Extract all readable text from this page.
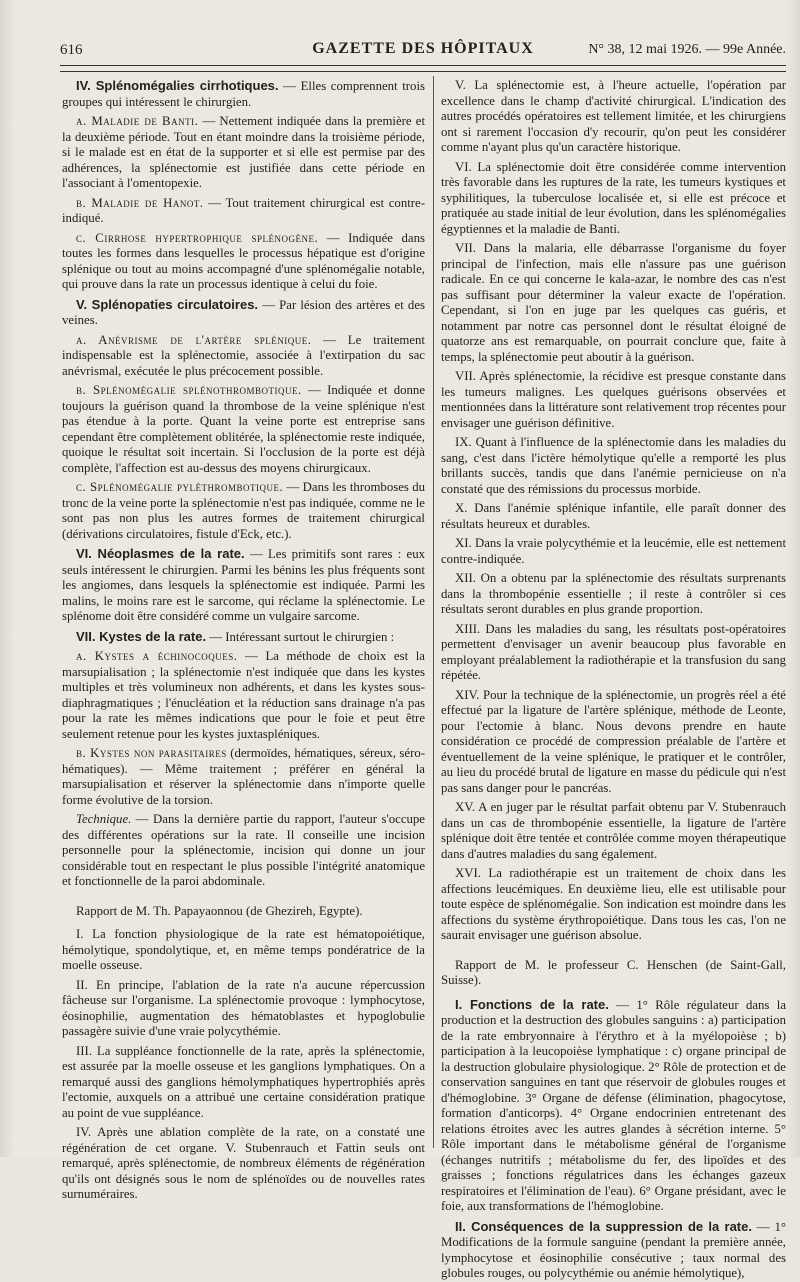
616	GAZETTE DES HÔPITAUX	N° 38, 12 mai 1926. — 99e Année.

IV. Splénomégalies cirrhotiques. — Elles comprennent trois groupes qui intéressent le chirurgien.

a. Maladie de Banti. — Nettement indiquée dans la première et la deuxième période. Tout en étant moindre dans la troisième période, si le malade est en état de la supporter et si elle est permise par des adhérences, la splénectomie est justifiée dans cette période en l'associant à l'omentopexie.

b. Maladie de Hanot. — Tout traitement chirurgical est contre-indiqué.

c. Cirrhose hypertrophique splénogène. — Indiquée dans toutes les formes dans lesquelles le processus hépatique est d'origine splénique ou tout au moins accompagné d'une splénomégalie notable, qui prouve dans la rate un processus identique à celui du foie.

V. Splénopaties circulatoires. — Par lésion des artères et des veines.

a. Anévrisme de l'artère splénique. — Le traitement indispensable est la splénectomie, associée à l'extirpation du sac anévrismal, exécutée le plus précocement possible.

b. Splénomégalie splénothrombotique. — Indiquée et donne toujours la guérison quand la thrombose de la veine splénique n'est pas étendue à la porte. Quant la veine porte est entreprise sans cependant être complètement oblitérée, la splénectomie reste indiquée, quoique le résultat soit incertain. Si l'occlusion de la porte est déjà complète, l'affection est au-dessus des moyens chirurgicaux.

c. Splénomégalie pyléthrombotique. — Dans les thromboses du tronc de la veine porte la splénectomie n'est pas indiquée, comme ne le sont pas non plus les autres formes de traitement chirurgical (dérivations circulatoires, fistule d'Eck, etc.).

VI. Néoplasmes de la rate. — Les primitifs sont rares : eux seuls intéressent le chirurgien. Parmi les bénins les plus fréquents sont les angiomes, dans lesquels la splénectomie est indiquée. Parmi les malins, le moins rare est le sarcome, qui réclame la splénectomie. Le splénome doit être considéré comme un vulgaire sarcome.

VII. Kystes de la rate. — Intéressant surtout le chirurgien :

a. Kystes a échinocoques. — La méthode de choix est la marsupialisation ; la splénectomie n'est indiquée que dans les kystes multiples et très volumineux non adhérents, et dans les kystes sous-diaphragmatiques ; l'énucléation et la réduction sans drainage n'a pas pour la rate les mêmes indications que pour le foie et peut être seulement retenue pour les kystes juxtaspléniques.

b. Kystes non parasitaires (dermoïdes, hématiques, séreux, séro-hématiques). — Même traitement ; préférer en général la marsupialisation et réserver la splénectomie dans n'importe quelle forme évolutive de la torsion.

Technique. — Dans la dernière partie du rapport, l'auteur s'occupe des différentes opérations sur la rate. Il conseille une incision personnelle pour la splénectomie, incision qui donne un jour considérable tout en respectant le plus possible l'intégrité anatomique et fonctionnelle de la paroi abdominale.

Rapport de M. Th. Papayaonnou (de Ghezireh, Egypte).

I. La fonction physiologique de la rate est hématopoiétique, hémolytique, spondolytique, et, en même temps pondératrice de la moelle osseuse.

II. En principe, l'ablation de la rate n'a aucune répercussion fâcheuse sur l'organisme. La splénectomie provoque : lymphocytose, éosinophilie, augmentation des hématoblastes et hypoglobulie passagère suivie d'une vraie polycythémie.

III. La suppléance fonctionnelle de la rate, après la splénectomie, est assurée par la moelle osseuse et les ganglions lymphatiques. On a remarqué aussi des ganglions hémolymphatiques hypertrophiés après l'ectomie, auxquels on a attribué une certaine considération pratique au point de vue suppléance.

IV. Après une ablation complète de la rate, on a constaté une régénération de cet organe. V. Stubenrauch et Fattin seuls ont remarqué, après splénectomie, de nombreux éléments de régénération qu'ils ont désignés sous le nom de splénoïdes ou de nouvelles rates surnuméraires.

V. La splénectomie est, à l'heure actuelle, l'opération par excellence dans le champ d'activité chirurgical. L'indication des autres procédés opératoires est tellement limitée, et les chirurgiens ont si rarement l'occasion d'y recourir, qu'on peut les considérer comme n'ayant plus qu'un caractère historique.

VI. La splénectomie doit être considérée comme intervention très favorable dans les ruptures de la rate, les tumeurs kystiques et syphilitiques, la tuberculose localisée et, si elle est précoce et pratiquée au stade initial de leur évolution, dans les splénomégalies égyptiennes et la maladie de Banti.

VII. Dans la malaria, elle débarrasse l'organisme du foyer principal de l'infection, mais elle n'assure pas une guérison radicale. En ce qui concerne le kala-azar, le nombre des cas n'est pas suffisant pour déterminer la valeur exacte de l'opération. Cependant, si l'on en juge par les quelques cas guéris, et notamment par notre cas personnel dont le résultat éloigné de quatorze ans est remarquable, on pourrait conclure que, faite à temps, la splénectomie peut aboutir à la guérison.

VII. Après splénectomie, la récidive est presque constante dans les tumeurs malignes. Les quelques guérisons observées et mentionnées dans la littérature sont relativement trop récentes pour envisager une guérison définitive.

IX. Quant à l'influence de la splénectomie dans les maladies du sang, c'est dans l'ictère hémolytique qu'elle a remporté les plus brillants succès, tandis que dans l'anémie pernicieuse on n'a constaté que des rémissions du processus morbide.

X. Dans l'anémie splénique infantile, elle paraît donner des résultats heureux et durables.

XI. Dans la vraie polycythémie et la leucémie, elle est nettement contre-indiquée.

XII. On a obtenu par la splénectomie des résultats surprenants dans la thrombopénie essentielle ; il reste à contrôler si ces résultats seront durables en plus grande proportion.

XIII. Dans les maladies du sang, les résultats post-opératoires permettent d'envisager un avenir beaucoup plus favorable en employant préalablement la radiothérapie et la transfusion du sang répétée.

XIV. Pour la technique de la splénectomie, un progrès réel a été effectué par la ligature de l'artère splénique, méthode de Leonte, pour l'ectomie à blanc. Nous devons prendre en haute considération ce procédé de compression préalable de l'artère et éventuellement de la veine splénique, le pratiquer et le contrôler, au lieu du procédé brutal de ligature en masse du pédicule qui n'est pas sans danger pour le pancréas.

XV. A en juger par le résultat parfait obtenu par V. Stubenrauch dans un cas de thrombopénie essentielle, la ligature de l'artère splénique doit être tentée et contrôlée comme moyen thérapeutique dans d'autres maladies du sang également.

XVI. La radiothérapie est un traitement de choix dans les affections leucémiques. En deuxième lieu, elle est utilisable pour toute espèce de splénomégalie. Son indication est moindre dans les affections du système érythropoiétique. Dans tous les cas, l'on ne saurait envisager une guérison absolue.

Rapport de M. le professeur C. Henschen (de Saint-Gall, Suisse).

I. Fonctions de la rate. — 1° Rôle régulateur dans la production et la destruction des globules sanguins : a) participation de la rate embryonnaire à l'érythro et à la myélopoièse ; b) participation à la leucopoièse lymphatique : c) organe principal de la destruction globulaire physiologique. 2° Rôle de protection et de conservation sanguines en tant que réservoir de globules rouges et d'hémoglobine. 3° Organe de défense (élimination, phagocytose, formation d'anticorps). 4° Organe endocrinien entretenant des relations étroites avec les autres glandes à sécrétion interne. 5° Rôle important dans le métabolisme général de l'organisme (échanges nutritifs ; métabolisme du fer, des lipoïdes et des graisses ; fonctions régulatrices dans les échanges gazeux respiratoires et l'élimination de l'eau). 6° Organe présidant, avec le foie, aux transformations de l'hémoglobine.

II. Conséquences de la suppression de la rate. — 1° Modifications de la formule sanguine (pendant la première année, lymphocytose et éosinophilie consécutive ; taux normal des globules rouges, ou polycythémie ou anémie hémolytique),
